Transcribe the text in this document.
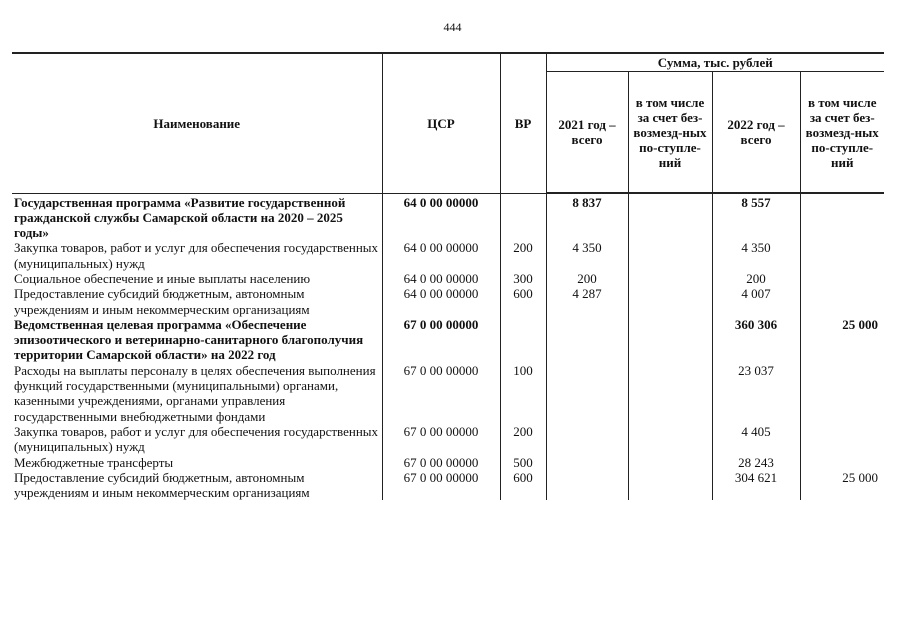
444
Наименование	ЦСР	ВР	Сумма, тыс. рублей			
			2021 год – всего	в том числе за счет без-возмезд-ных по-ступле-ний	2022 год – всего	в том числе за счет без-возмезд-ных по-ступле-ний
Государственная программа «Развитие государственной гражданской службы Самарской области на 2020 – 2025 годы»	64 0 00 00000		8 837		8 557	
Закупка товаров, работ и услуг для обеспечения государственных (муниципальных) нужд	64 0 00 00000	200	4 350		4 350	
Социальное обеспечение и иные выплаты населению	64 0 00 00000	300	200		200	
Предоставление субсидий бюджетным, автономным учреждениям и иным некоммерческим организациям	64 0 00 00000	600	4 287		4 007	
Ведомственная целевая программа «Обеспечение эпизоотического и ветеринарно-санитарного благополучия территории Самарской области» на 2022 год	67 0 00 00000				360 306	25 000
Расходы на выплаты персоналу в целях обеспечения выполнения функций государственными (муниципальными) органами, казенными учреждениями, органами управления государственными внебюджетными фондами	67 0 00 00000	100			23 037	
Закупка товаров, работ и услуг для обеспечения государственных (муниципальных) нужд	67 0 00 00000	200			4 405	
Межбюджетные трансферты	67 0 00 00000	500			28 243	
Предоставление субсидий бюджетным, автономным учреждениям и иным некоммерческим организациям	67 0 00 00000	600			304 621	25 000
